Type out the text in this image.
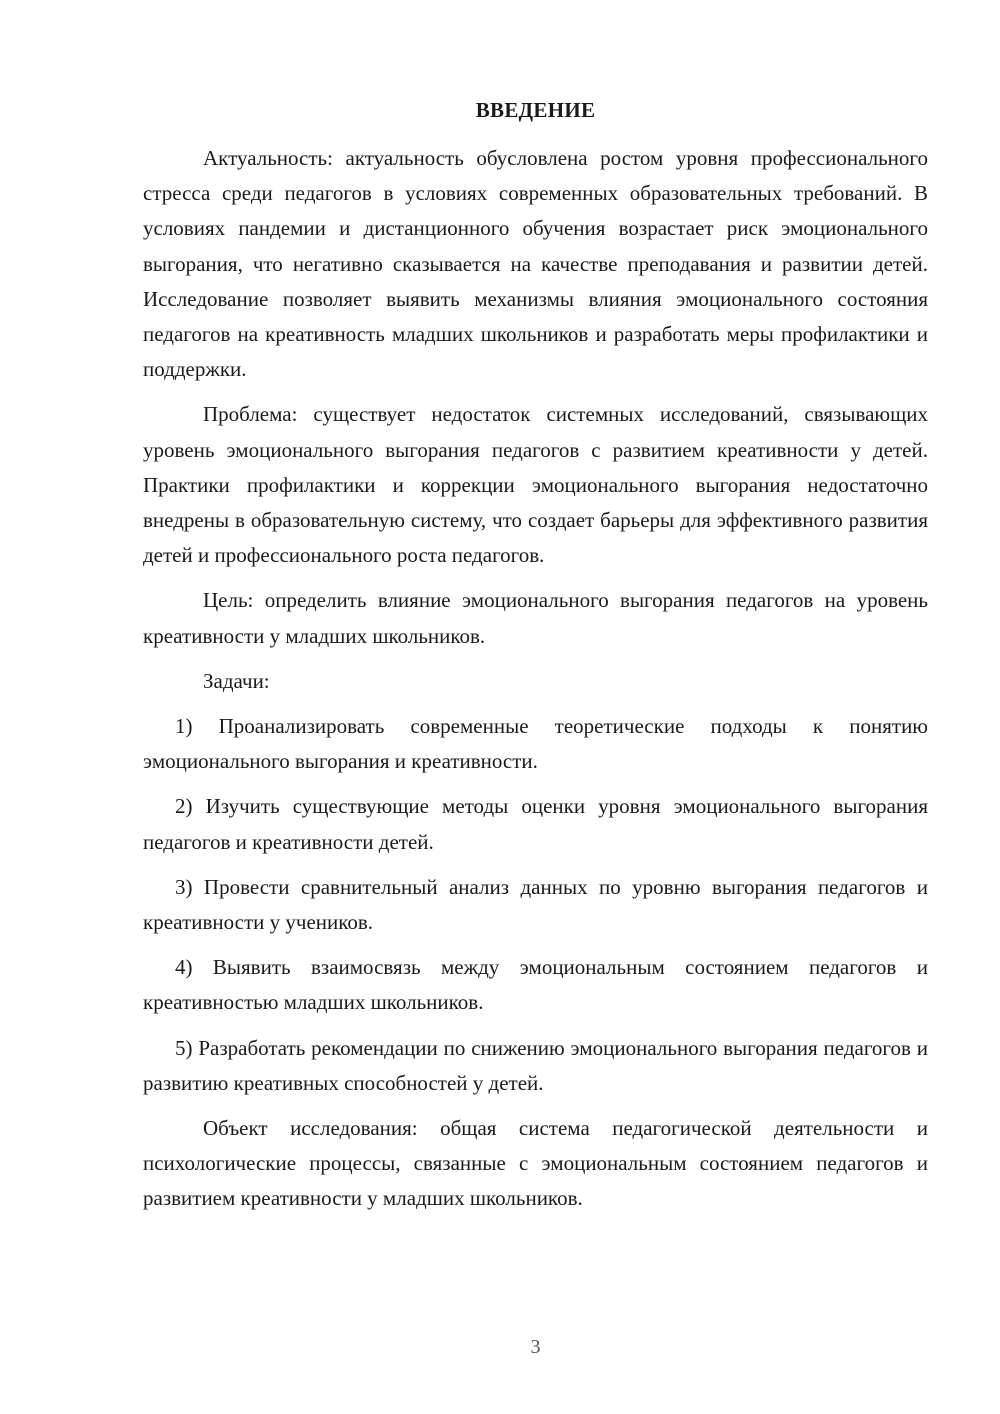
ВВЕДЕНИЕ

Актуальность: актуальность обусловлена ростом уровня профессионального стресса среди педагогов в условиях современных образовательных требований. В условиях пандемии и дистанционного обучения возрастает риск эмоционального выгорания, что негативно сказывается на качестве преподавания и развитии детей. Исследование позволяет выявить механизмы влияния эмоционального состояния педагогов на креативность младших школьников и разработать меры профилактики и поддержки.

Проблема: существует недостаток системных исследований, связывающих уровень эмоционального выгорания педагогов с развитием креативности у детей. Практики профилактики и коррекции эмоционального выгорания недостаточно внедрены в образовательную систему, что создает барьеры для эффективного развития детей и профессионального роста педагогов.

Цель: определить влияние эмоционального выгорания педагогов на уровень креативности у младших школьников.

Задачи:

1) Проанализировать современные теоретические подходы к понятию эмоционального выгорания и креативности.

2) Изучить существующие методы оценки уровня эмоционального выгорания педагогов и креативности детей.

3) Провести сравнительный анализ данных по уровню выгорания педагогов и креативности у учеников.

4) Выявить взаимосвязь между эмоциональным состоянием педагогов и креативностью младших школьников.

5) Разработать рекомендации по снижению эмоционального выгорания педагогов и развитию креативных способностей у детей.

Объект исследования: общая система педагогической деятельности и психологические процессы, связанные с эмоциональным состоянием педагогов и развитием креативности у младших школьников.

3
